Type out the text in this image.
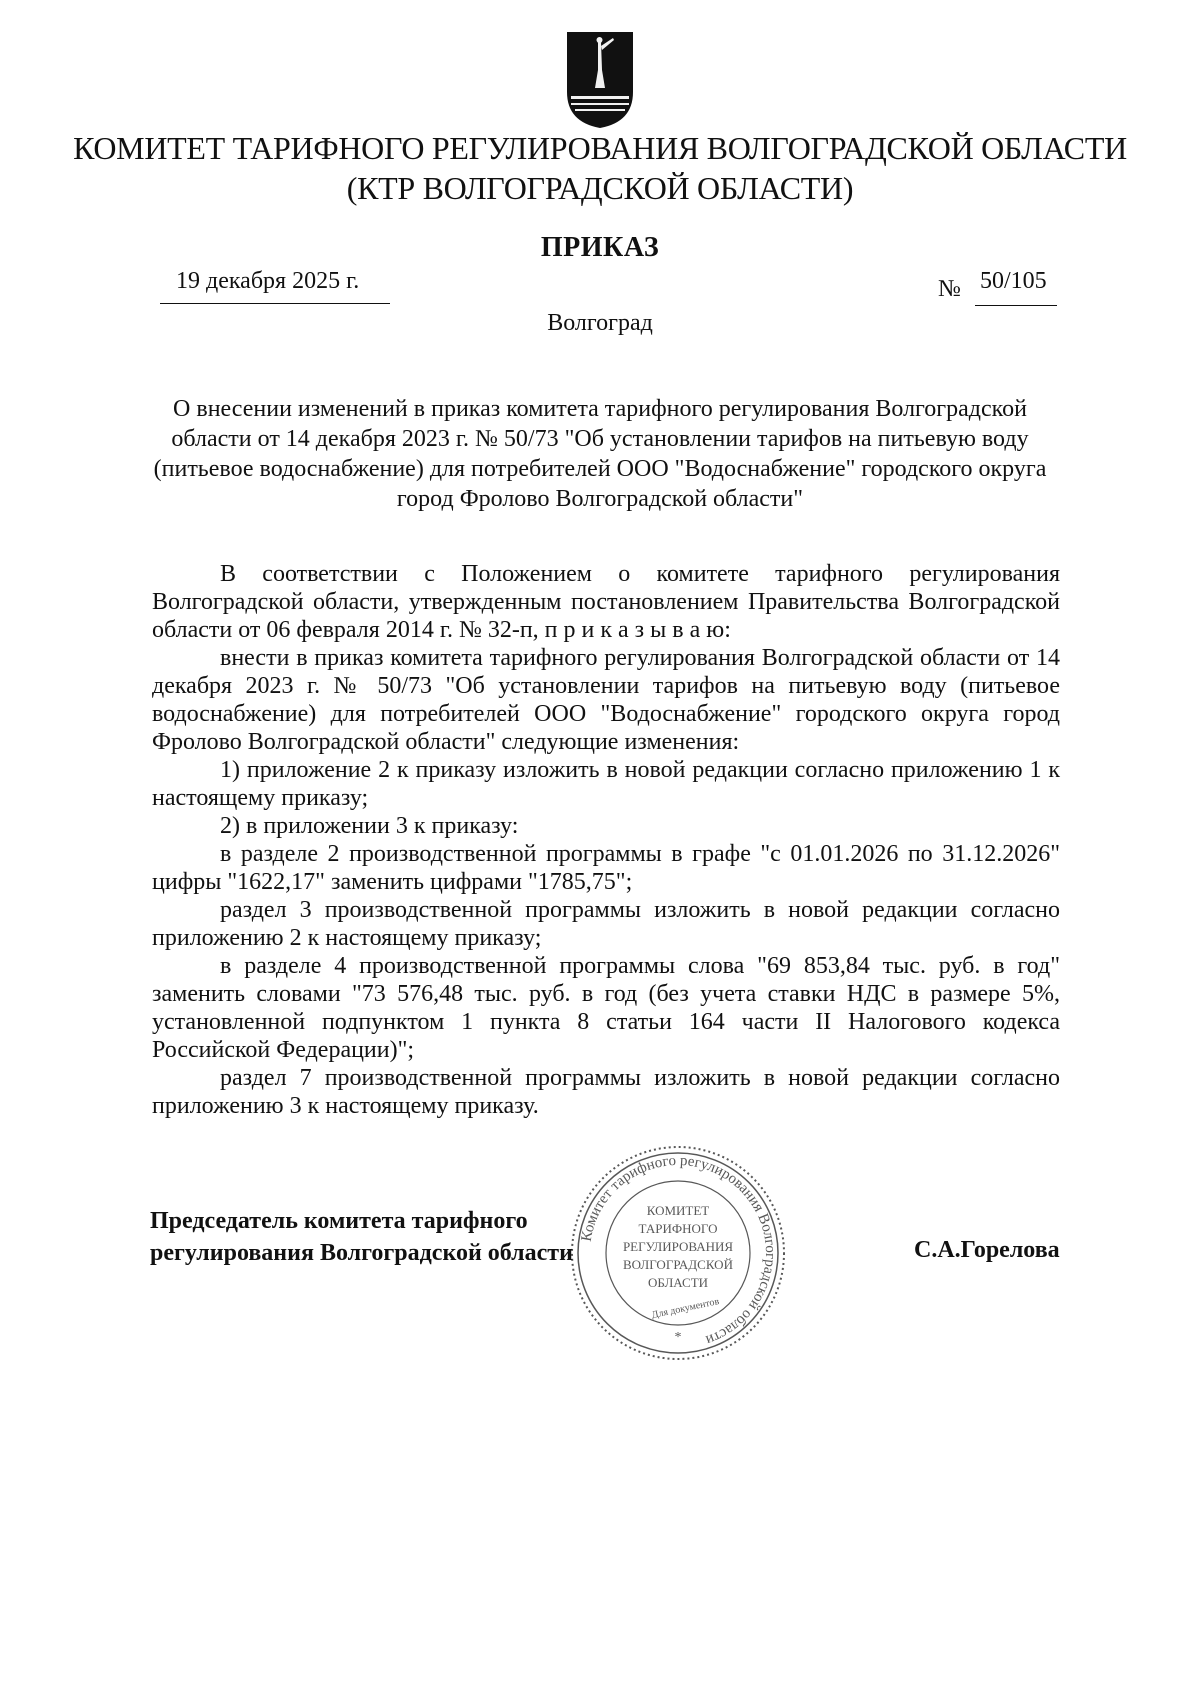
КОМИТЕТ ТАРИФНОГО РЕГУЛИРОВАНИЯ ВОЛГОГРАДСКОЙ ОБЛАСТИ
(КТР ВОЛГОГРАДСКОЙ ОБЛАСТИ)
ПРИКАЗ
19 декабря 2025 г.	№ 50/105
Волгоград
О внесении изменений в приказ комитета тарифного регулирования Волгоградской
области от 14 декабря 2023 г. № 50/73 "Об установлении тарифов на питьевую воду
(питьевое водоснабжение) для потребителей ООО "Водоснабжение" городского округа
город Фролово Волгоградской области"

В соответствии с Положением о комитете тарифного регулирования Волгоградской области, утвержденным постановлением Правительства Волгоградской области от 06 февраля 2014 г. № 32-п, п р и к а з ы в а ю:

внести в приказ комитета тарифного регулирования Волгоградской области от 14 декабря 2023 г. № 50/73 "Об установлении тарифов на питьевую воду (питьевое водоснабжение) для потребителей ООО "Водоснабжение" городского округа город Фролово Волгоградской области" следующие изменения:

1) приложение 2 к приказу изложить в новой редакции согласно приложению 1 к настоящему приказу;

2) в приложении 3 к приказу:

в разделе 2 производственной программы в графе "с 01.01.2026 по 31.12.2026" цифры "1622,17" заменить цифрами "1785,75";

раздел 3 производственной программы изложить в новой редакции согласно приложению 2 к настоящему приказу;

в разделе 4 производственной программы слова "69 853,84 тыс. руб. в год" заменить словами "73 576,48 тыс. руб. в год (без учета ставки НДС в размере 5%, установленной подпунктом 1 пункта 8 статьи 164 части II Налогового кодекса Российской Федерации)";

раздел 7 производственной программы изложить в новой редакции согласно приложению 3 к настоящему приказу.

Комитет тарифного регулирования Волгоградской области
КОМИТЕТ
ТАРИФНОГО
РЕГУЛИРОВАНИЯ
ВОЛГОГРАДСКОЙ
ОБЛАСТИ
Для документов
*
Председатель комитета тарифного
регулирования Волгоградской области	С.А.Горелова
